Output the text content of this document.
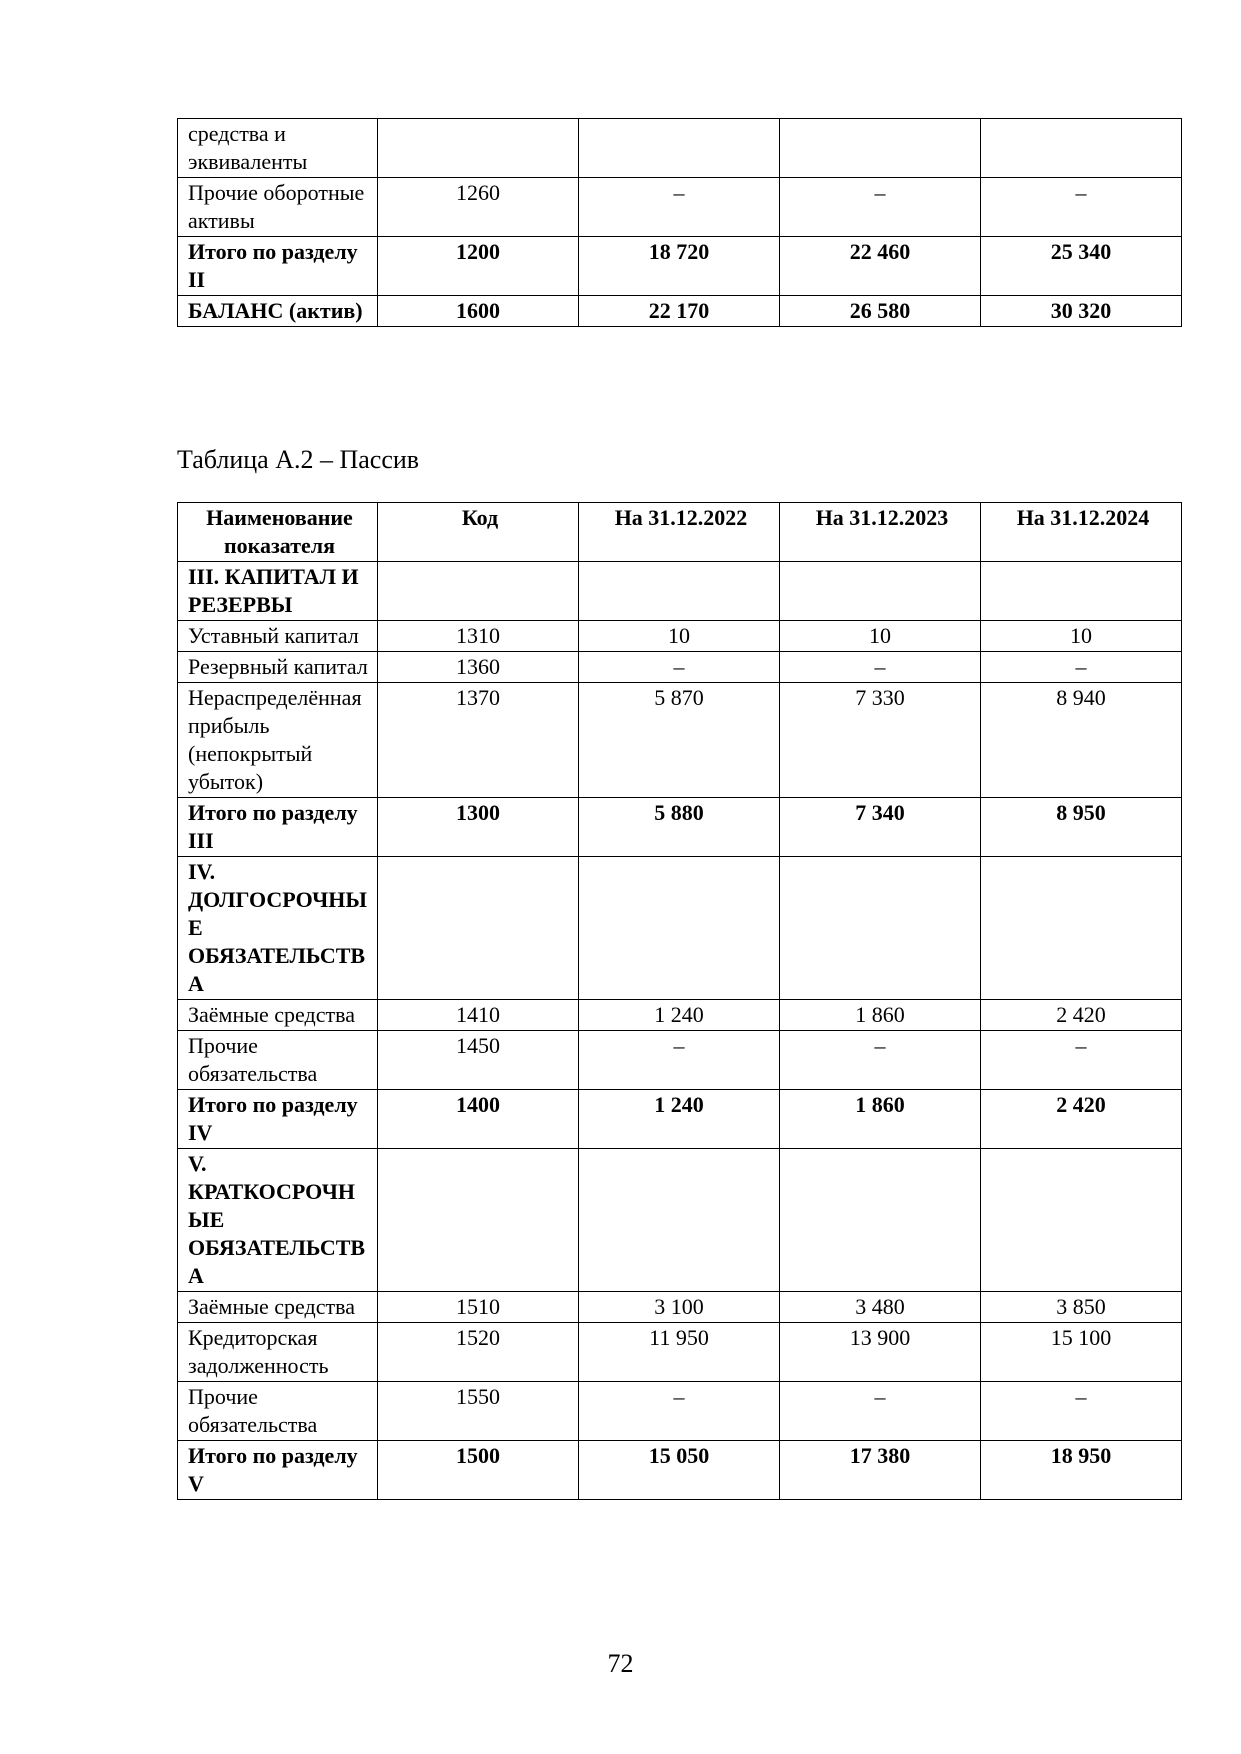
средства и эквиваленты				
Прочие оборотные активы	1260	–	–	–
Итого по разделу II	1200	18 720	22 460	25 340
БАЛАНС (актив)	1600	22 170	26 580	30 320
Таблица А.2 – Пассив
Наименование показателя	Код	На 31.12.2022	На 31.12.2023	На 31.12.2024
III. КАПИТАЛ И РЕЗЕРВЫ				
Уставный капитал	1310	10	10	10
Резервный капитал	1360	–	–	–
Нераспределённая прибыль (непокрытый убыток)	1370	5 870	7 330	8 940
Итого по разделу III	1300	5 880	7 340	8 950
IV. ДОЛГОСРОЧНЫЕ ОБЯЗАТЕЛЬСТВА				
Заёмные средства	1410	1 240	1 860	2 420
Прочие обязательства	1450	–	–	–
Итого по разделу IV	1400	1 240	1 860	2 420
V. КРАТКОСРОЧНЫЕ ОБЯЗАТЕЛЬСТВА				
Заёмные средства	1510	3 100	3 480	3 850
Кредиторская задолженность	1520	11 950	13 900	15 100
Прочие обязательства	1550	–	–	–
Итого по разделу V	1500	15 050	17 380	18 950
72
